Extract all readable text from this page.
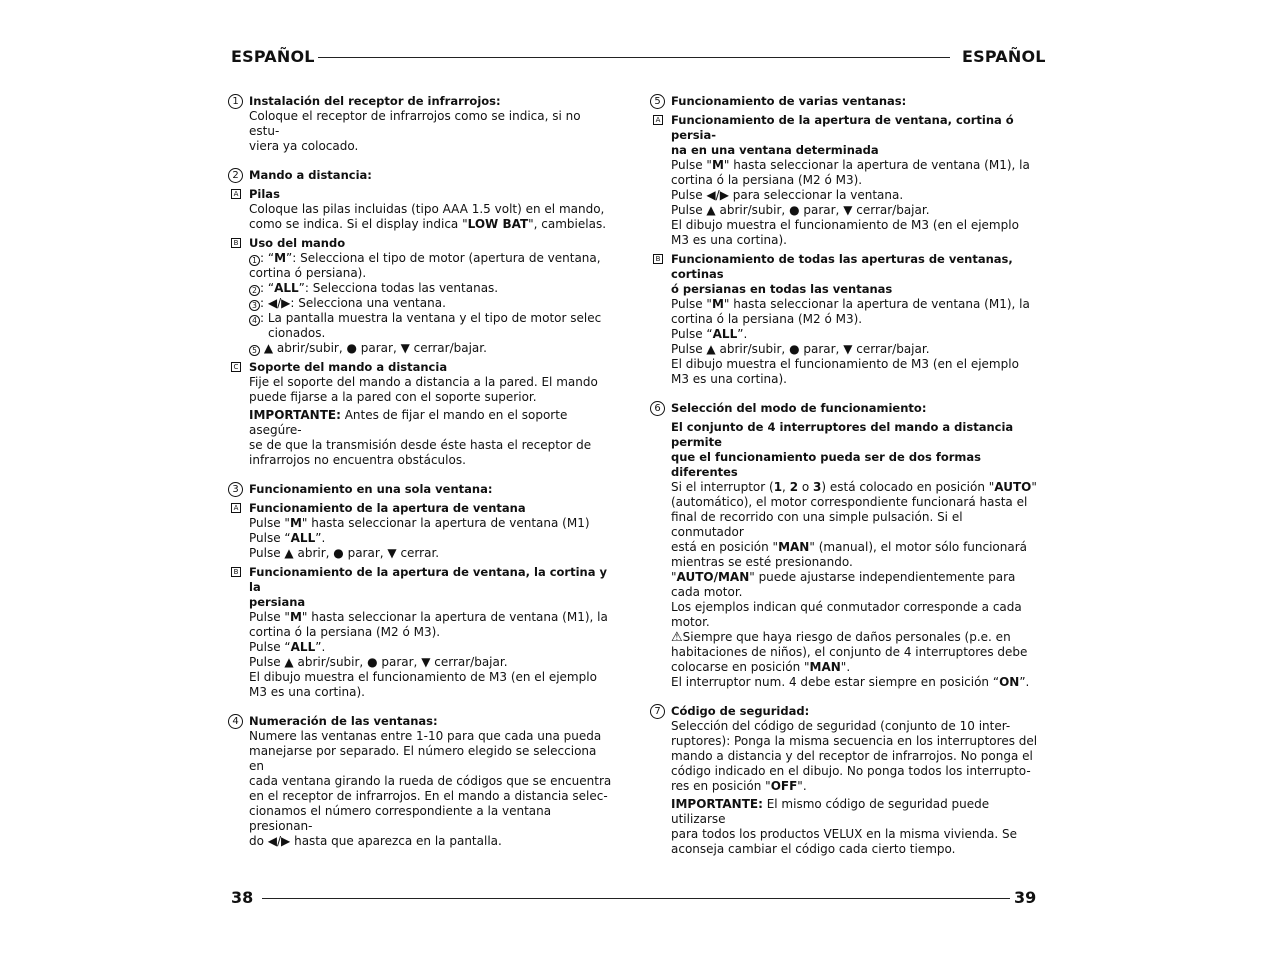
ESPAÑOL	ESPAÑOL
1 Instalación del receptor de infrarrojos:

Coloque el receptor de infrarrojos como se indica, si no estu-
viera ya colocado.

2 Mando a distancia:
A Pilas

Coloque las pilas incluidas (tipo AAA 1.5 volt) en el mando,
como se indica. Si el display indica "LOW BAT", cambielas.

B Uso del mando

1 : “M”: Selecciona el tipo de motor (apertura de ventana,
cortina ó persiana).

2 : “ALL”: Selecciona todas las ventanas.

3 : ◀/▶: Selecciona una ventana.

4 : La pantalla muestra la ventana y el tipo de motor selec

cionados.

5 ▲ abrir/subir, ● parar, ▼ cerrar/bajar.

C Soporte del mando a distancia

Fije el soporte del mando a distancia a la pared. El mando
puede fijarse a la pared con el soporte superior.

IMPORTANTE: Antes de fijar el mando en el soporte asegúre-
se de que la transmisión desde éste hasta el receptor de
infrarrojos no encuentra obstáculos.

3 Funcionamiento en una sola ventana:
A Funcionamiento de la apertura de ventana

Pulse "M" hasta seleccionar la apertura de ventana (M1)

Pulse “ALL”.

Pulse ▲ abrir, ● parar, ▼ cerrar.

B Funcionamiento de la apertura de ventana, la cortina y la
persiana

Pulse "M" hasta seleccionar la apertura de ventana (M1), la
cortina ó la persiana (M2 ó M3).

Pulse “ALL”.

Pulse ▲ abrir/subir, ● parar, ▼ cerrar/bajar.

El dibujo muestra el funcionamiento de M3 (en el ejemplo
M3 es una cortina).

4 Numeración de las ventanas:

Numere las ventanas entre 1-10 para que cada una pueda
manejarse por separado. El número elegido se selecciona en
cada ventana girando la rueda de códigos que se encuentra
en el receptor de infrarrojos. En el mando a distancia selec-
cionamos el número correspondiente a la ventana presionan-
do ◀/▶ hasta que aparezca en la pantalla.

5 Funcionamiento de varias ventanas:
A Funcionamiento de la apertura de ventana, cortina ó persia-
na en una ventana determinada

Pulse "M" hasta seleccionar la apertura de ventana (M1), la
cortina ó la persiana (M2 ó M3).

Pulse ◀/▶ para seleccionar la ventana.

Pulse ▲ abrir/subir, ● parar, ▼ cerrar/bajar.

El dibujo muestra el funcionamiento de M3 (en el ejemplo
M3 es una cortina).

B Funcionamiento de todas las aperturas de ventanas, cortinas
ó persianas en todas las ventanas

Pulse "M" hasta seleccionar la apertura de ventana (M1), la
cortina ó la persiana (M2 ó M3).

Pulse “ALL”.

Pulse ▲ abrir/subir, ● parar, ▼ cerrar/bajar.

El dibujo muestra el funcionamiento de M3 (en el ejemplo
M3 es una cortina).

6 Selección del modo de funcionamiento:
El conjunto de 4 interruptores del mando a distancia permite
que el funcionamiento pueda ser de dos formas diferentes

Si el interruptor (1, 2 o 3) está colocado en posición "AUTO"
(automático), el motor correspondiente funcionará hasta el
final de recorrido con una simple pulsación. Si el conmutador
está en posición "MAN" (manual), el motor sólo funcionará
mientras se esté presionando.

"AUTO/MAN" puede ajustarse independientemente para
cada motor.

Los ejemplos indican qué conmutador corresponde a cada
motor.

⚠Siempre que haya riesgo de daños personales (p.e. en
habitaciones de niños), el conjunto de 4 interruptores debe
colocarse en posición "MAN".

El interruptor num. 4 debe estar siempre en posición “ON”.

7 Código de seguridad:

Selección del código de seguridad (conjunto de 10 inter-
ruptores): Ponga la misma secuencia en los interruptores del
mando a distancia y del receptor de infrarrojos. No ponga el
código indicado en el dibujo. No ponga todos los interrupto-
res en posición "OFF".

IMPORTANTE: El mismo código de seguridad puede utilizarse
para todos los productos VELUX en la misma vivienda. Se
aconseja cambiar el código cada cierto tiempo.

38	39
